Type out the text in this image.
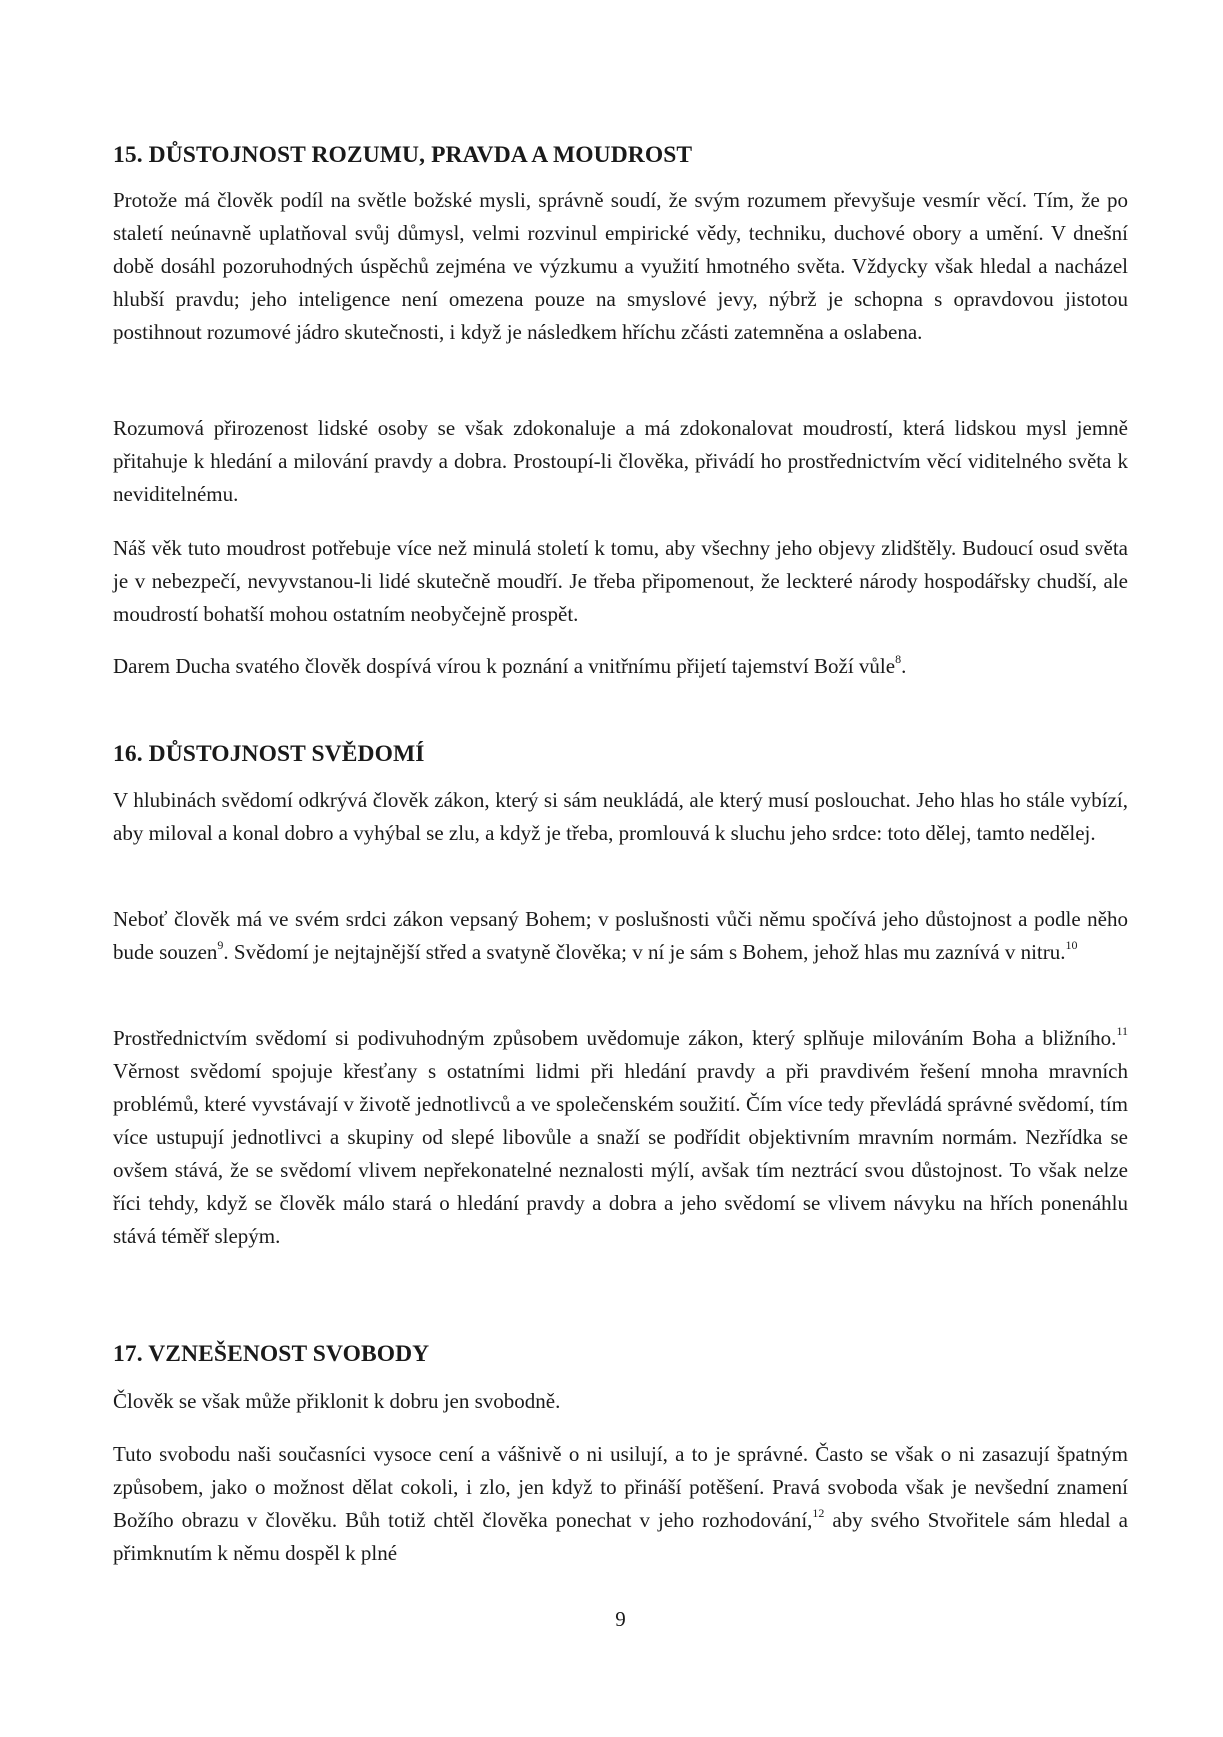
15. DŮSTOJNOST ROZUMU, PRAVDA A MOUDROST

Protože má člověk podíl na světle božské mysli, správně soudí, že svým rozumem převyšuje vesmír věcí. Tím, že po staletí neúnavně uplatňoval svůj důmysl, velmi rozvinul empirické vědy, techniku, duchové obory a umění. V dnešní době dosáhl pozoruhodných úspěchů zejména ve výzkumu a využití hmotného světa. Vždycky však hledal a nacházel hlubší pravdu; jeho inteligence není omezena pouze na smyslové jevy, nýbrž je schopna s opravdovou jistotou postihnout rozumové jádro skutečnosti, i když je následkem hříchu zčásti zatemněna a oslabena.

Rozumová přirozenost lidské osoby se však zdokonaluje a má zdokonalovat moudrostí, která lidskou mysl jemně přitahuje k hledání a milování pravdy a dobra. Prostoupí-li člověka, přivádí ho prostřednictvím věcí viditelného světa k neviditelnému.

Náš věk tuto moudrost potřebuje více než minulá století k tomu, aby všechny jeho objevy zlidštěly. Budoucí osud světa je v nebezpečí, nevyvstanou-li lidé skutečně moudří. Je třeba připomenout, že leckteré národy hospodářsky chudší, ale moudrostí bohatší mohou ostatním neobyčejně prospět.

Darem Ducha svatého člověk dospívá vírou k poznání a vnitřnímu přijetí tajemství Boží vůle$^8$.

16. DŮSTOJNOST SVĚDOMÍ

V hlubinách svědomí odkrývá člověk zákon, který si sám neukládá, ale který musí poslouchat. Jeho hlas ho stále vybízí, aby miloval a konal dobro a vyhýbal se zlu, a když je třeba, promlouvá k sluchu jeho srdce: toto dělej, tamto nedělej.

Neboť člověk má ve svém srdci zákon vepsaný Bohem; v poslušnosti vůči němu spočívá jeho důstojnost a podle něho bude souzen$^9$. Svědomí je nejtajnější střed a svatyně člověka; v ní je sám s Bohem, jehož hlas mu zaznívá v nitru.$^{10}$

Prostřednictvím svědomí si podivuhodným způsobem uvědomuje zákon, který splňuje milováním Boha a bližního.$^{11}$ Věrnost svědomí spojuje křesťany s ostatními lidmi při hledání pravdy a při pravdivém řešení mnoha mravních problémů, které vyvstávají v životě jednotlivců a ve společenském soužití. Čím více tedy převládá správné svědomí, tím více ustupují jednotlivci a skupiny od slepé libovůle a snaží se podřídit objektivním mravním normám. Nezřídka se ovšem stává, že se svědomí vlivem nepřekonatelné neznalosti mýlí, avšak tím neztrácí svou důstojnost. To však nelze říci tehdy, když se člověk málo stará o hledání pravdy a dobra a jeho svědomí se vlivem návyku na hřích ponenáhlu stává téměř slepým.

17. VZNEŠENOST SVOBODY

Člověk se však může přiklonit k dobru jen svobodně.

Tuto svobodu naši současníci vysoce cení a vášnivě o ni usilují, a to je správné. Často se však o ni zasazují špatným způsobem, jako o možnost dělat cokoli, i zlo, jen když to přináší potěšení. Pravá svoboda však je nevšední znamení Božího obrazu v člověku. Bůh totiž chtěl člověka ponechat v jeho rozhodování,$^{12}$ aby svého Stvořitele sám hledal a přimknutím k němu dospěl k plné

9
